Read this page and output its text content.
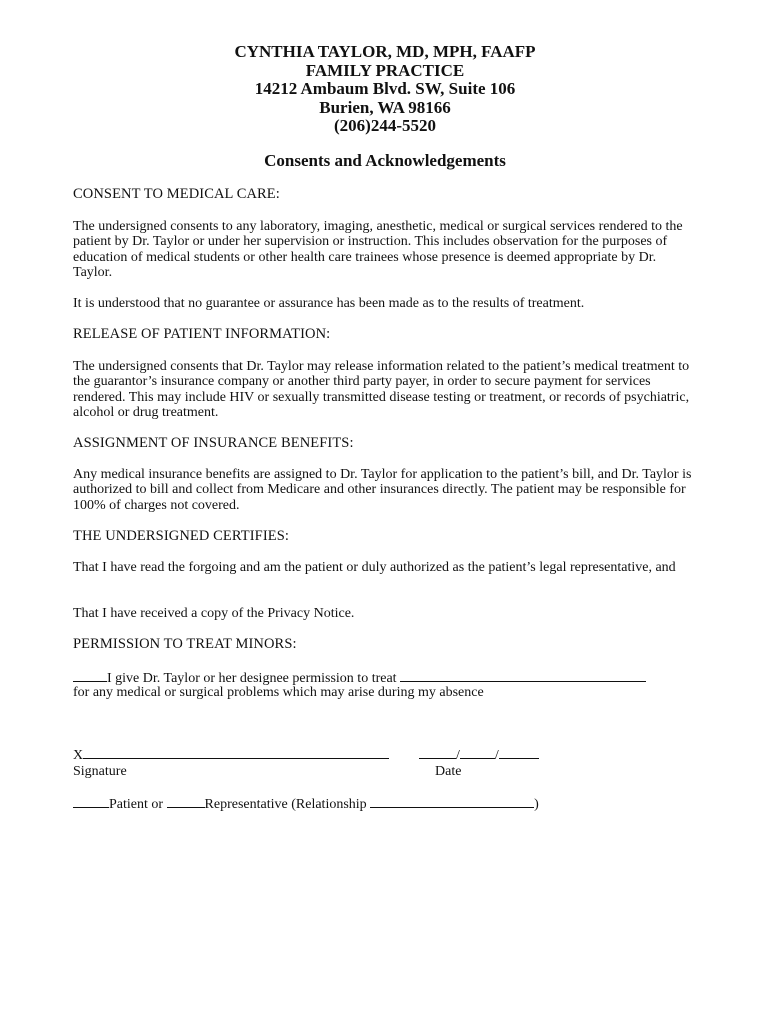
CYNTHIA TAYLOR, MD, MPH, FAAFP
FAMILY PRACTICE
14212 Ambaum Blvd. SW, Suite 106
Burien, WA 98166
(206)244-5520
Consents and Acknowledgements
CONSENT TO MEDICAL CARE:
The undersigned consents to any laboratory, imaging, anesthetic, medical or surgical services rendered to the patient by Dr. Taylor or under her supervision or instruction. This includes observation for the purposes of education of medical students or other health care trainees whose presence is deemed appropriate by Dr. Taylor.
It is understood that no guarantee or assurance has been made as to the results of treatment.
RELEASE OF PATIENT INFORMATION:
The undersigned consents that Dr. Taylor may release information related to the patient’s medical treatment to the guarantor’s insurance company or another third party payer, in order to secure payment for services rendered. This may include HIV or sexually transmitted disease testing or treatment, or records of psychiatric, alcohol or drug treatment.
ASSIGNMENT OF INSURANCE BENEFITS:
Any medical insurance benefits are assigned to Dr. Taylor for application to the patient’s bill, and Dr. Taylor is authorized to bill and collect from Medicare and other insurances directly. The patient may be responsible for 100% of charges not covered.
THE UNDERSIGNED CERTIFIES:
That I have read the forgoing and am the patient or duly authorized as the patient’s legal representative, and
That I have received a copy of the Privacy Notice.
PERMISSION TO TREAT MINORS:
I give Dr. Taylor or her designee permission to treat
for any medical or surgical problems which may arise during my absence
X
Signature
/	/
Date
Patient or	Representative (Relationship	)
